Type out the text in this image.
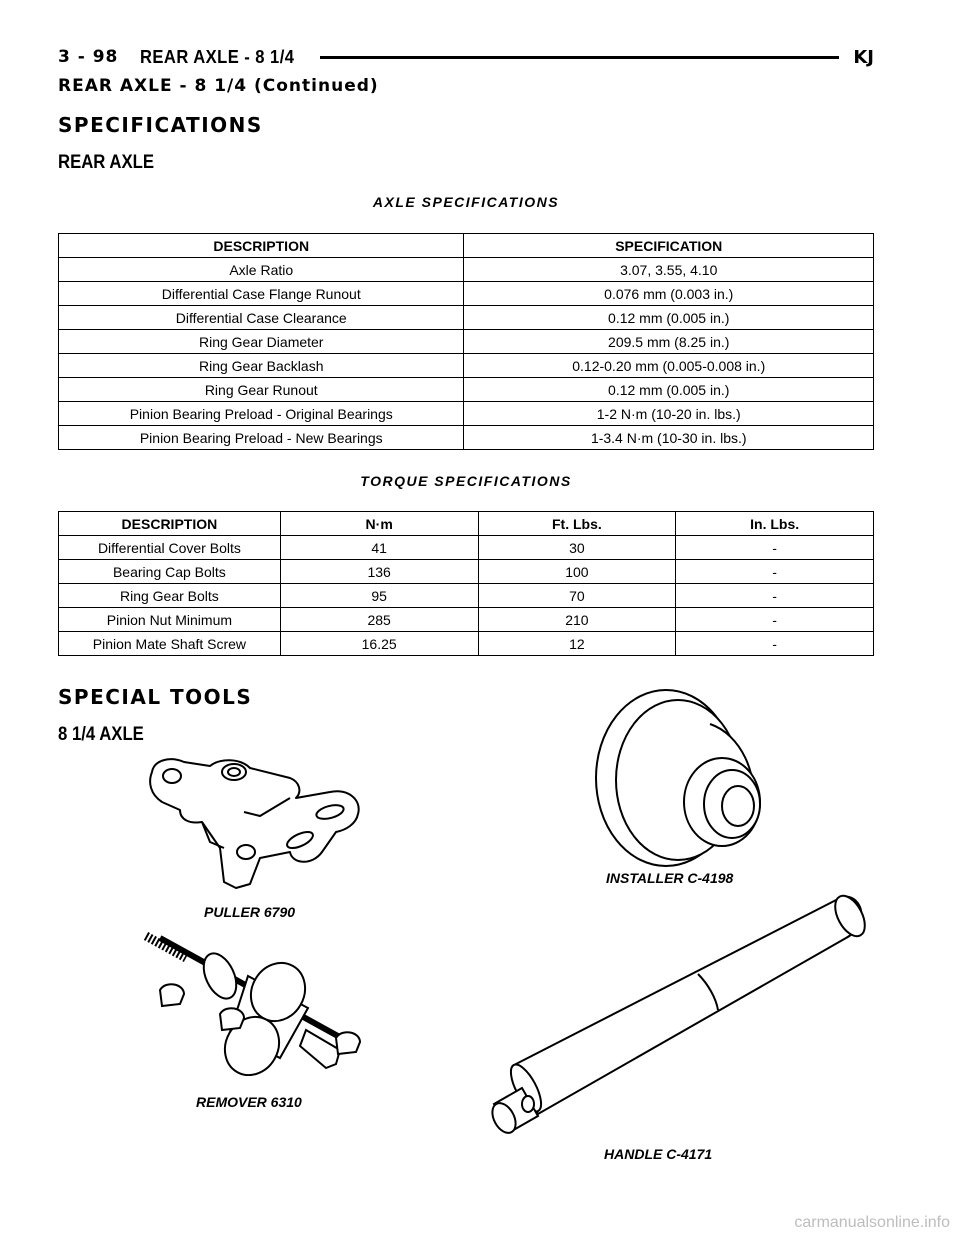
3 - 98 REAR AXLE - 8 1/4	KJ
REAR AXLE - 8 1/4 (Continued)
SPECIFICATIONS
REAR AXLE
AXLE SPECIFICATIONS
DESCRIPTION	SPECIFICATION
Axle Ratio	3.07, 3.55, 4.10
Differential Case Flange Runout	0.076 mm (0.003 in.)
Differential Case Clearance	0.12 mm (0.005 in.)
Ring Gear Diameter	209.5 mm (8.25 in.)
Ring Gear Backlash	0.12-0.20 mm (0.005-0.008 in.)
Ring Gear Runout	0.12 mm (0.005 in.)
Pinion Bearing Preload - Original Bearings	1-2 N·m (10-20 in. lbs.)
Pinion Bearing Preload - New Bearings	1-3.4 N·m (10-30 in. lbs.)
TORQUE SPECIFICATIONS
DESCRIPTION	N·m	Ft. Lbs.	In. Lbs.
Differential Cover Bolts	41	30	-
Bearing Cap Bolts	136	100	-
Ring Gear Bolts	95	70	-
Pinion Nut Minimum	285	210	-
Pinion Mate Shaft Screw	16.25	12	-
SPECIAL TOOLS
8 1/4 AXLE
PULLER 6790
INSTALLER C-4198
REMOVER 6310
HANDLE C-4171
carmanualsonline.info
